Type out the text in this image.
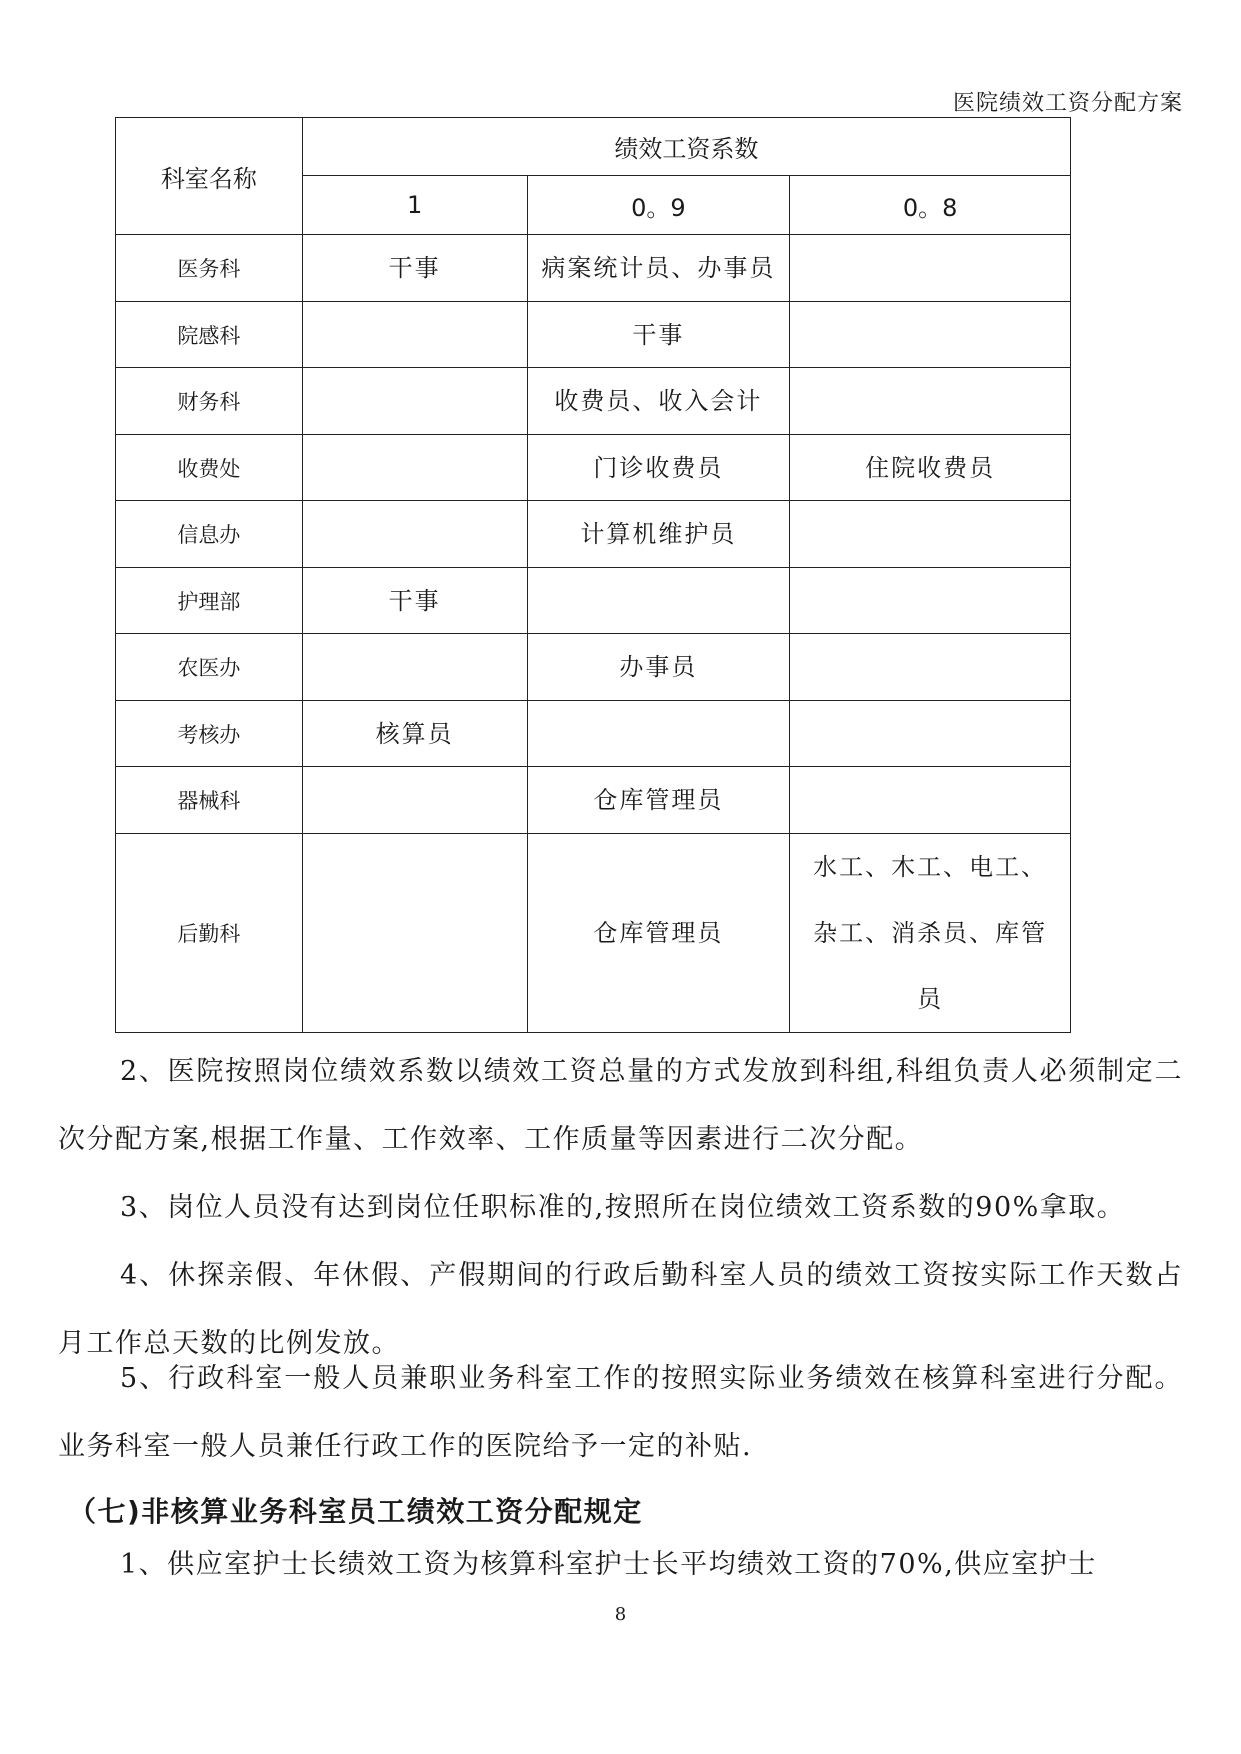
医院绩效工资分配方案
科室名称	绩效工资系数		
	1	0。9	0。8
医务科	干事	病案统计员、办事员	
院感科		干事	
财务科		收费员、收入会计	
收费处		门诊收费员	住院收费员
信息办		计算机维护员	
护理部	干事		
农医办		办事员	
考核办	核算员		
器械科		仓库管理员	
后勤科		仓库管理员	水工、木工、电工、杂工、消杀员、库管员

2、医院按照岗位绩效系数以绩效工资总量的方式发放到科组,科组负责人必须制定二次分配方案,根据工作量、工作效率、工作质量等因素进行二次分配。

3、岗位人员没有达到岗位任职标准的,按照所在岗位绩效工资系数的90%拿取。

4、休探亲假、年休假、产假期间的行政后勤科室人员的绩效工资按实际工作天数占月工作总天数的比例发放。

5、行政科室一般人员兼职业务科室工作的按照实际业务绩效在核算科室进行分配。业务科室一般人员兼任行政工作的医院给予一定的补贴.

（七)非核算业务科室员工绩效工资分配规定

1、供应室护士长绩效工资为核算科室护士长平均绩效工资的70%,供应室护士

8
